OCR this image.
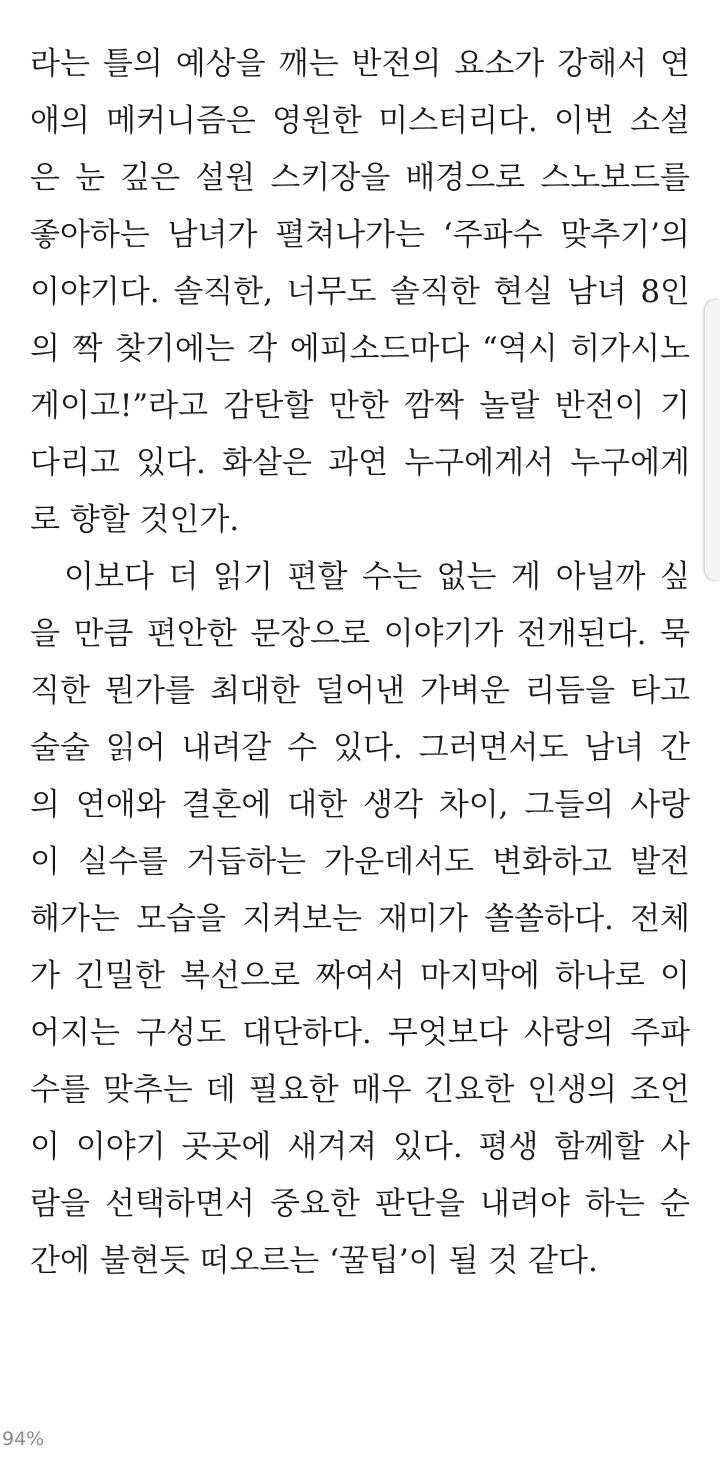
라는 틀의 예상을 깨는 반전의 요소가 강해서 연
애의 메커니즘은 영원한 미스터리다. 이번 소설
은 눈 깊은 설원 스키장을 배경으로 스노보드를
좋아하는 남녀가 펼쳐나가는 ‘주파수 맞추기’의
이야기다. 솔직한, 너무도 솔직한 현실 남녀 8인
의 짝 찾기에는 각 에피소드마다 “역시 히가시노
게이고!”라고 감탄할 만한 깜짝 놀랄 반전이 기
다리고 있다. 화살은 과연 누구에게서 누구에게
로 향할 것인가.
이보다 더 읽기 편할 수는 없는 게 아닐까 싶
을 만큼 편안한 문장으로 이야기가 전개된다. 묵
직한 뭔가를 최대한 덜어낸 가벼운 리듬을 타고
술술 읽어 내려갈 수 있다. 그러면서도 남녀 간
의 연애와 결혼에 대한 생각 차이, 그들의 사랑
이 실수를 거듭하는 가운데서도 변화하고 발전
해가는 모습을 지켜보는 재미가 쏠쏠하다. 전체
가 긴밀한 복선으로 짜여서 마지막에 하나로 이
어지는 구성도 대단하다. 무엇보다 사랑의 주파
수를 맞추는 데 필요한 매우 긴요한 인생의 조언
이 이야기 곳곳에 새겨져 있다. 평생 함께할 사
람을 선택하면서 중요한 판단을 내려야 하는 순
간에 불현듯 떠오르는 ‘꿀팁’이 될 것 같다.
94%
